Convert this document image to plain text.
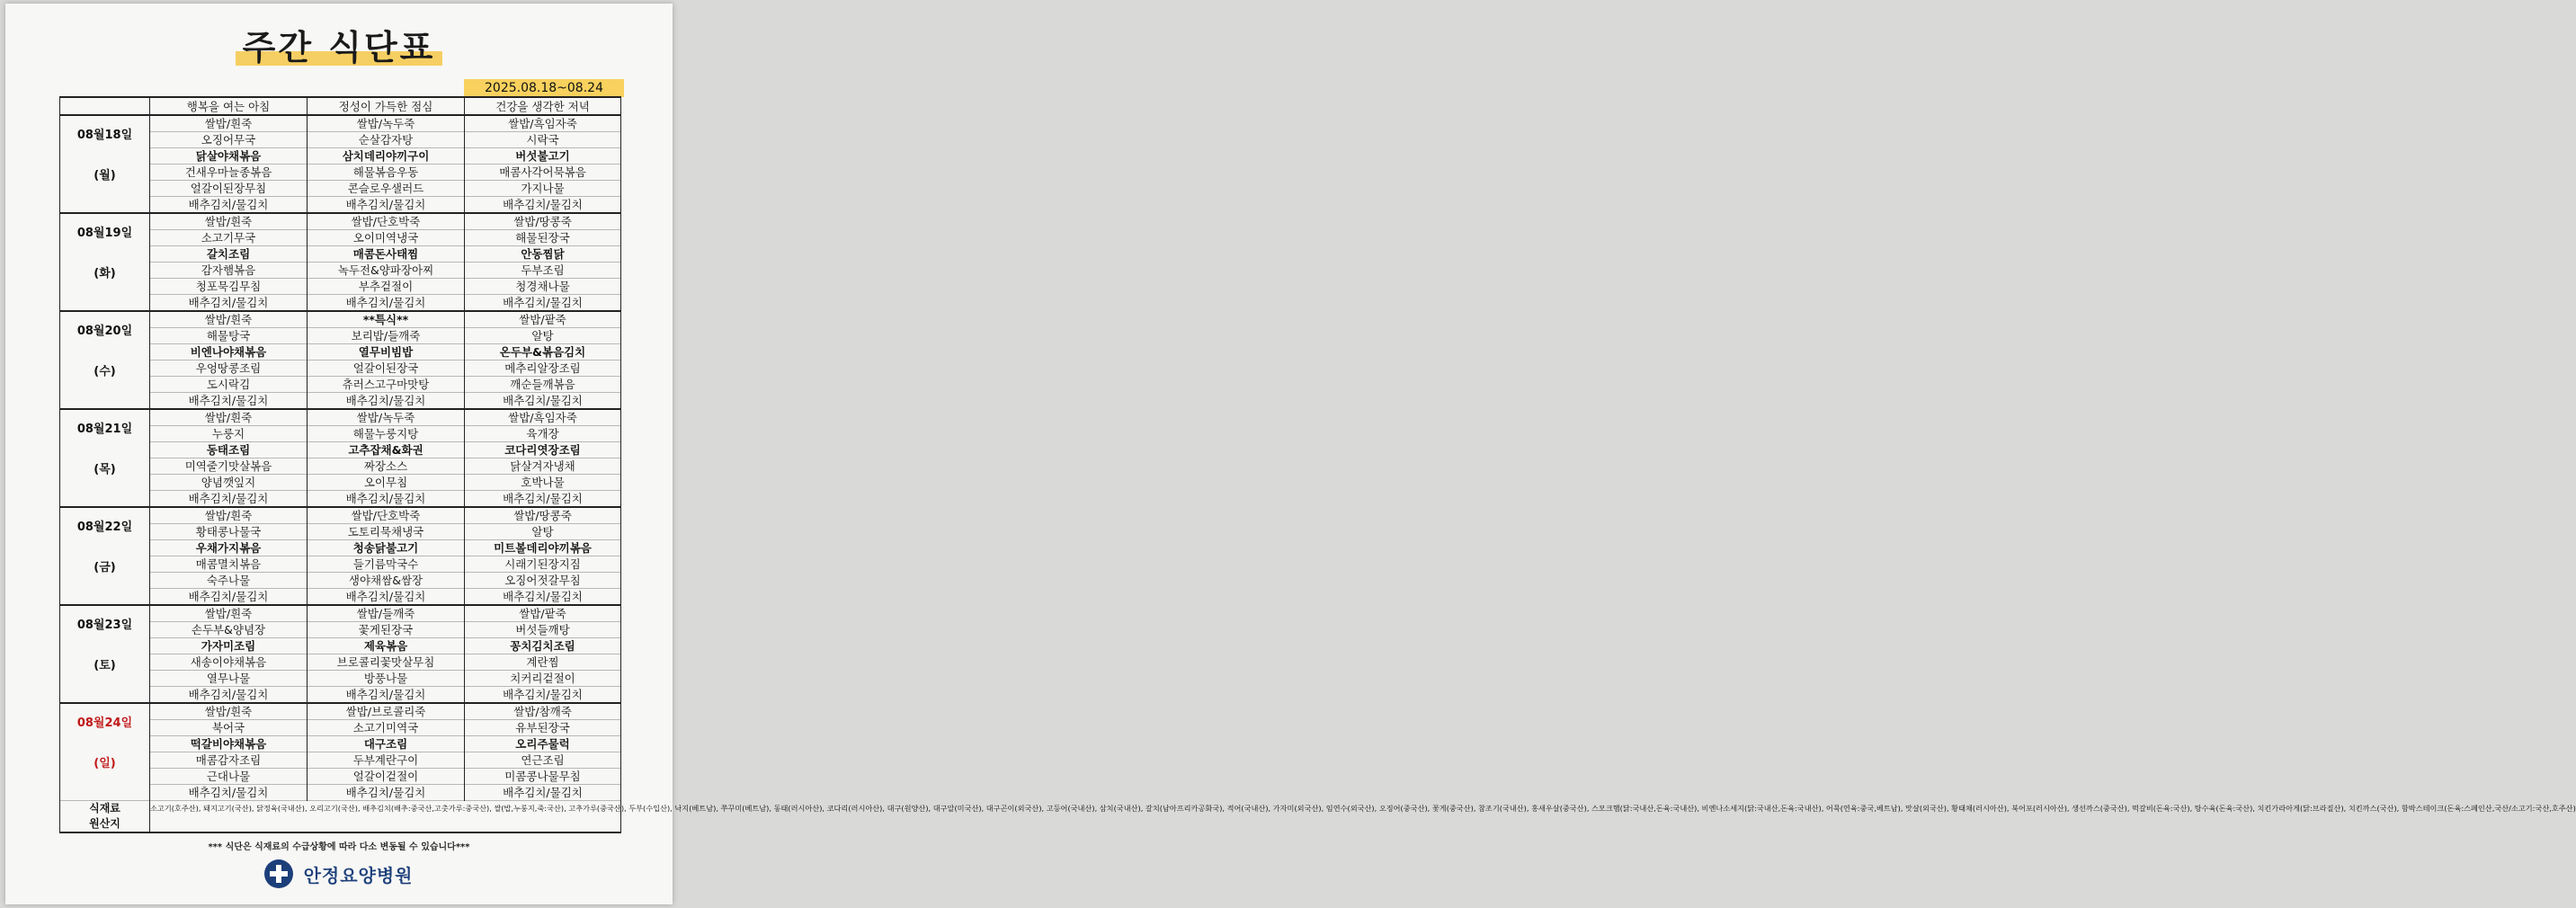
주간 식단표
2025.08.18~08.24
	행복을 여는 아침	정성이 가득한 점심	건강을 생각한 저녁

08월18일
(월)	쌀밥/흰죽	쌀밥/녹두죽	쌀밥/흑임자죽
	오징어무국	순살감자탕	시락국
	닭살야채볶음	삼치데리야끼구이	버섯불고기
	건새우마늘종볶음	해물볶음우동	매콤사각어묵볶음
	얼갈이된장무침	콘슬로우샐러드	가지나물
	배추김치/물김치	배추김치/물김치	배추김치/물김치

08월19일
(화)	쌀밥/흰죽	쌀밥/단호박죽	쌀밥/땅콩죽
	소고기무국	오이미역냉국	해물된장국
	갈치조림	매콤돈사태찜	안동찜닭
	감자햄볶음	녹두전&양파장아찌	두부조림
	청포묵김무침	부추겉절이	청경채나물
	배추김치/물김치	배추김치/물김치	배추김치/물김치

08월20일
(수)	쌀밥/흰죽	**특식**	쌀밥/팥죽
	해물탕국	보리밥/들깨죽	알탕
	비엔나야채볶음	열무비빔밥	온두부&볶음김치
	우엉땅콩조림	얼갈이된장국	메추리알장조림
	도시락김	츄러스고구마맛탕	깨순들깨볶음
	배추김치/물김치	배추김치/물김치	배추김치/물김치

08월21일
(목)	쌀밥/흰죽	쌀밥/녹두죽	쌀밥/흑임자죽
	누룽지	해물누룽지탕	육개장
	동태조림	고추잡채&화권	코다리엿장조림
	미역줄기맛살볶음	짜장소스	닭살겨자냉채
	양념깻잎지	오이무침	호박나물
	배추김치/물김치	배추김치/물김치	배추김치/물김치

08월22일
(금)	쌀밥/흰죽	쌀밥/단호박죽	쌀밥/땅콩죽
	황태콩나물국	도토리묵채냉국	알탕
	우채가지볶음	청송닭불고기	미트볼데리야끼볶음
	매콤멸치볶음	들기름막국수	시래기된장지짐
	숙주나물	생야채쌈&쌈장	오징어젓갈무침
	배추김치/물김치	배추김치/물김치	배추김치/물김치

08월23일
(토)	쌀밥/흰죽	쌀밥/들깨죽	쌀밥/팥죽
	손두부&양념장	꽃게된장국	버섯들깨탕
	가자미조림	제육볶음	꽁치김치조림
	새송이야채볶음	브로콜리꽃맛살무침	계란찜
	열무나물	방풍나물	치커리겉절이
	배추김치/물김치	배추김치/물김치	배추김치/물김치

08월24일
(일)	쌀밥/흰죽	쌀밥/브로콜리죽	쌀밥/참깨죽
	북어국	소고기미역국	유부된장국
	떡갈비야채볶음	대구조림	오리주물럭
	매콤감자조림	두부계란구이	연근조림
	근대나물	얼갈이겉절이	미콤콩나물무침
	배추김치/물김치	배추김치/물김치	배추김치/물김치
식재료
원산지	소고기(호주산), 돼지고기(국산), 닭정육(국내산), 오리고기(국산), 배추김치(배추:중국산,고춧가루:중국산), 쌀(밥,누룽지,죽:국산), 고추가루(중국산), 두부(수입산), 낙지(베트남), 쭈꾸미(베트남), 동태(러시아산), 코다리(러시아산), 대구(원양산), 대구알(미국산), 대구곤이(외국산), 고등어(국내산), 삼치(국내산), 갈치(남아프리카공화국), 적어(국내산), 가자미(외국산), 임연수(외국산), 오징어(중국산), 꽃게(중국산), 참조기(국내산), 홍새우살(중국산), 스모크햄(닭:국내산,돈육:국내산), 비엔나소세지(닭:국내산,돈육:국내산), 어묵(연육:중국,베트남), 맛살(외국산), 황태채(러시아산), 북어포(러시아산), 생선까스(중국산), 떡갈비(돈육:국산), 탕수육(돈육:국산), 치킨가라아게(닭:브라질산), 치킨까스(국산), 함박스테이크(돈육:스페인산,국산/소고기:국산,호주산)		
*** 식단은 식재료의 수급상황에 따라 다소 변동될 수 있습니다***
안정요양병원
